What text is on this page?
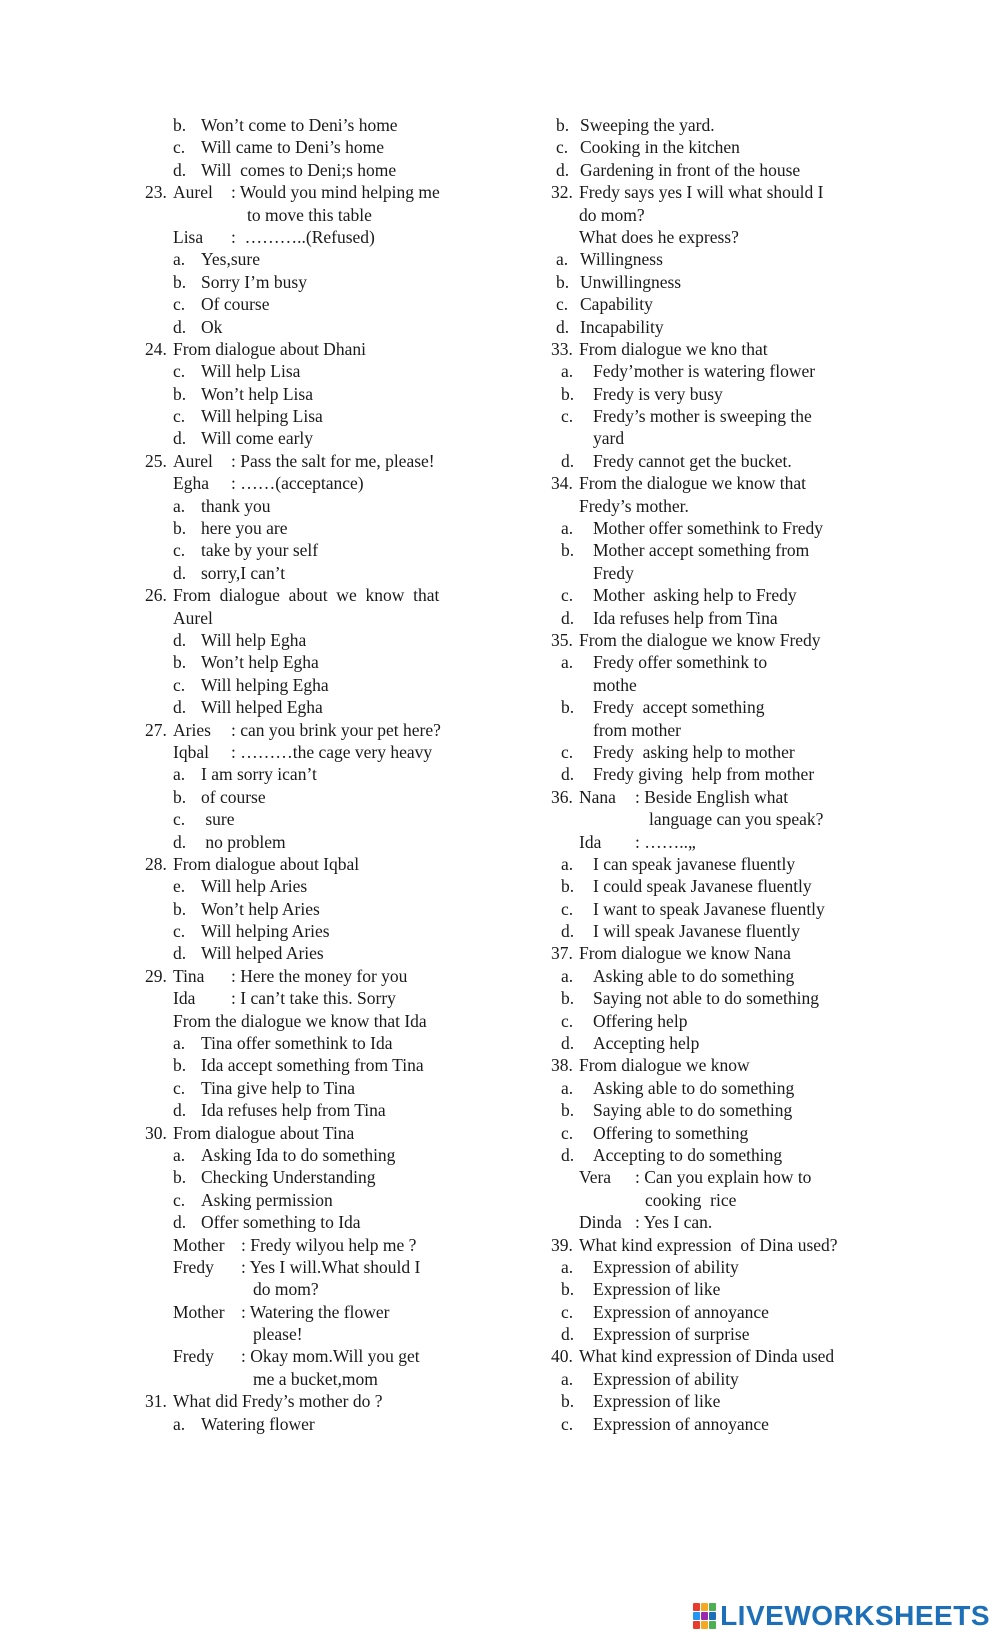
b. Won’t come to Deni’s home
c. Will came to Deni’s home
d. Will  comes to Deni;s home
23. Aurel	: Would you mind helping me
to move this table
Lisa	:  ………..(Refused)
a. Yes,sure
b. Sorry I’m busy
c. Of course
d. Ok
24. From dialogue about Dhani
c. Will help Lisa
b. Won’t help Lisa
c. Will helping Lisa
d. Will come early
25. Aurel	: Pass the salt for me, please!
Egha	: ……(acceptance)
a. thank you
b. here you are
c. take by your self
d. sorry,I can’t
26. From  dialogue  about  we  know  that
Aurel
d. Will help Egha
b. Won’t help Egha
c. Will helping Egha
d. Will helped Egha
27. Aries	: can you brink your pet here?
Iqbal	: ………the cage very heavy
a. I am sorry ican’t
b. of course
c. sure
d. no problem
28. From dialogue about Iqbal
e. Will help Aries
b. Won’t help Aries
c. Will helping Aries
d. Will helped Aries
29. Tina	: Here the money for you
Ida	: I can’t take this. Sorry
From the dialogue we know that Ida
a. Tina offer somethink to Ida
b. Ida accept something from Tina
c. Tina give help to Tina
d. Ida refuses help from Tina
30. From dialogue about Tina
a. Asking Ida to do something
b. Checking Understanding
c. Asking permission
d. Offer something to Ida
Mother : Fredy wilyou help me ?
Fredy	: Yes I will.What should I
do mom?
Mother : Watering the flower
please!
Fredy	: Okay mom.Will you get
me a bucket,mom
31. What did Fredy’s mother do ?
a. Watering flower
b. Sweeping the yard.
c. Cooking in the kitchen
d. Gardening in front of the house
32. Fredy says yes I will what should I
do mom?
What does he express?
a. Willingness
b. Unwillingness
c. Capability
d. Incapability
33. From dialogue we kno that
a.	Fedy’mother is watering flower
b.	Fredy is very busy
c.	Fredy’s mother is sweeping the
yard
d.	Fredy cannot get the bucket.
34. From the dialogue we know that
Fredy’s mother.
a.	Mother offer somethink to Fredy
b.	Mother accept something from
Fredy
c.	Mother  asking help to Fredy
d.	Ida refuses help from Tina
35. From the dialogue we know Fredy
a.	Fredy offer somethink to
mothe
b.	Fredy  accept something
from mother
c.	Fredy  asking help to mother
d.	Fredy giving  help from mother
36. Nana	: Beside English what
language can you speak?
Ida	: ……..„
a.	I can speak javanese fluently
b.	I could speak Javanese fluently
c.	I want to speak Javanese fluently
d.	I will speak Javanese fluently
37. From dialogue we know Nana
a.	Asking able to do something
b.	Saying not able to do something
c.	Offering help
d.	Accepting help
38. From dialogue we know
a.	Asking able to do something
b.	Saying able to do something
c.	Offering to something
d.	Accepting to do something
Vera	: Can you explain how to
cooking  rice
Dinda : Yes I can.
39. What kind expression  of Dina used?
a.	Expression of ability
b.	Expression of like
c.	Expression of annoyance
d.	Expression of surprise
40. What kind expression of Dinda used
a.	Expression of ability
b.	Expression of like
c.	Expression of annoyance
LIVEWORKSHEETS
